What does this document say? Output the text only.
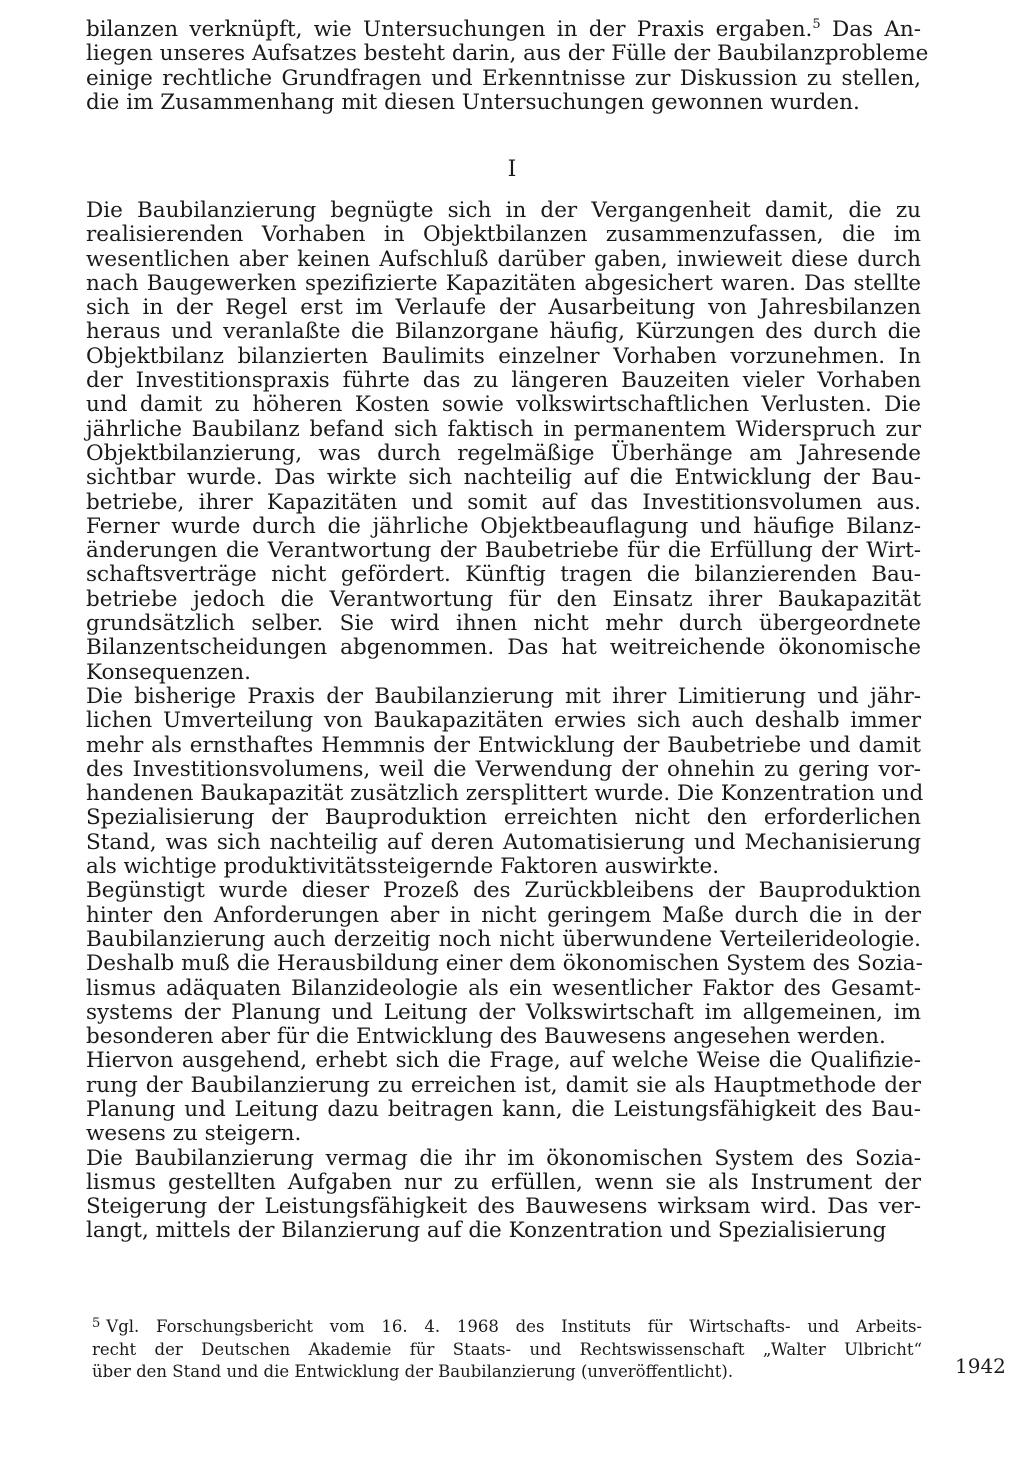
bilanzen verknüpft, wie Untersuchungen in der Praxis ergaben.$^5$ Das An-
liegen unseres Aufsatzes besteht darin, aus der Fülle der Baubilanzprobleme
einige rechtliche Grundfragen und Erkenntnisse zur Diskussion zu stellen,
die im Zusammenhang mit diesen Untersuchungen gewonnen wurden.
I
Die Baubilanzierung begnügte sich in der Vergangenheit damit, die zu
realisierenden Vorhaben in Objektbilanzen zusammenzufassen, die im
wesentlichen aber keinen Aufschluß darüber gaben, inwieweit diese durch
nach Baugewerken spezifizierte Kapazitäten abgesichert waren. Das stellte
sich in der Regel erst im Verlaufe der Ausarbeitung von Jahresbilanzen
heraus und veranlaßte die Bilanzorgane häufig, Kürzungen des durch die
Objektbilanz bilanzierten Baulimits einzelner Vorhaben vorzunehmen. In
der Investitionspraxis führte das zu längeren Bauzeiten vieler Vorhaben
und damit zu höheren Kosten sowie volkswirtschaftlichen Verlusten. Die
jährliche Baubilanz befand sich faktisch in permanentem Widerspruch zur
Objektbilanzierung, was durch regelmäßige Überhänge am Jahresende
sichtbar wurde. Das wirkte sich nachteilig auf die Entwicklung der Bau-
betriebe, ihrer Kapazitäten und somit auf das Investitionsvolumen aus.
Ferner wurde durch die jährliche Objektbeauflagung und häufige Bilanz-
änderungen die Verantwortung der Baubetriebe für die Erfüllung der Wirt-
schaftsverträge nicht gefördert. Künftig tragen die bilanzierenden Bau-
betriebe jedoch die Verantwortung für den Einsatz ihrer Baukapazität
grundsätzlich selber. Sie wird ihnen nicht mehr durch übergeordnete
Bilanzentscheidungen abgenommen. Das hat weitreichende ökonomische
Konsequenzen.
Die bisherige Praxis der Baubilanzierung mit ihrer Limitierung und jähr-
lichen Umverteilung von Baukapazitäten erwies sich auch deshalb immer
mehr als ernsthaftes Hemmnis der Entwicklung der Baubetriebe und damit
des Investitionsvolumens, weil die Verwendung der ohnehin zu gering vor-
handenen Baukapazität zusätzlich zersplittert wurde. Die Konzentration und
Spezialisierung der Bauproduktion erreichten nicht den erforderlichen
Stand, was sich nachteilig auf deren Automatisierung und Mechanisierung
als wichtige produktivitätssteigernde Faktoren auswirkte.
Begünstigt wurde dieser Prozeß des Zurückbleibens der Bauproduktion
hinter den Anforderungen aber in nicht geringem Maße durch die in der
Baubilanzierung auch derzeitig noch nicht überwundene Verteilerideologie.
Deshalb muß die Herausbildung einer dem ökonomischen System des Sozia-
lismus adäquaten Bilanzideologie als ein wesentlicher Faktor des Gesamt-
systems der Planung und Leitung der Volkswirtschaft im allgemeinen, im
besonderen aber für die Entwicklung des Bauwesens angesehen werden.
Hiervon ausgehend, erhebt sich die Frage, auf welche Weise die Qualifizie-
rung der Baubilanzierung zu erreichen ist, damit sie als Hauptmethode der
Planung und Leitung dazu beitragen kann, die Leistungsfähigkeit des Bau-
wesens zu steigern.
Die Baubilanzierung vermag die ihr im ökonomischen System des Sozia-
lismus gestellten Aufgaben nur zu erfüllen, wenn sie als Instrument der
Steigerung der Leistungsfähigkeit des Bauwesens wirksam wird. Das ver-
langt, mittels der Bilanzierung auf die Konzentration und Spezialisierung
$^5$ Vgl. Forschungsbericht vom 16. 4. 1968 des Instituts für Wirtschafts- und Arbeits-
recht der Deutschen Akademie für Staats- und Rechtswissenschaft „Walter Ulbricht“
über den Stand und die Entwicklung der Baubilanzierung (unveröffentlicht).	1942
